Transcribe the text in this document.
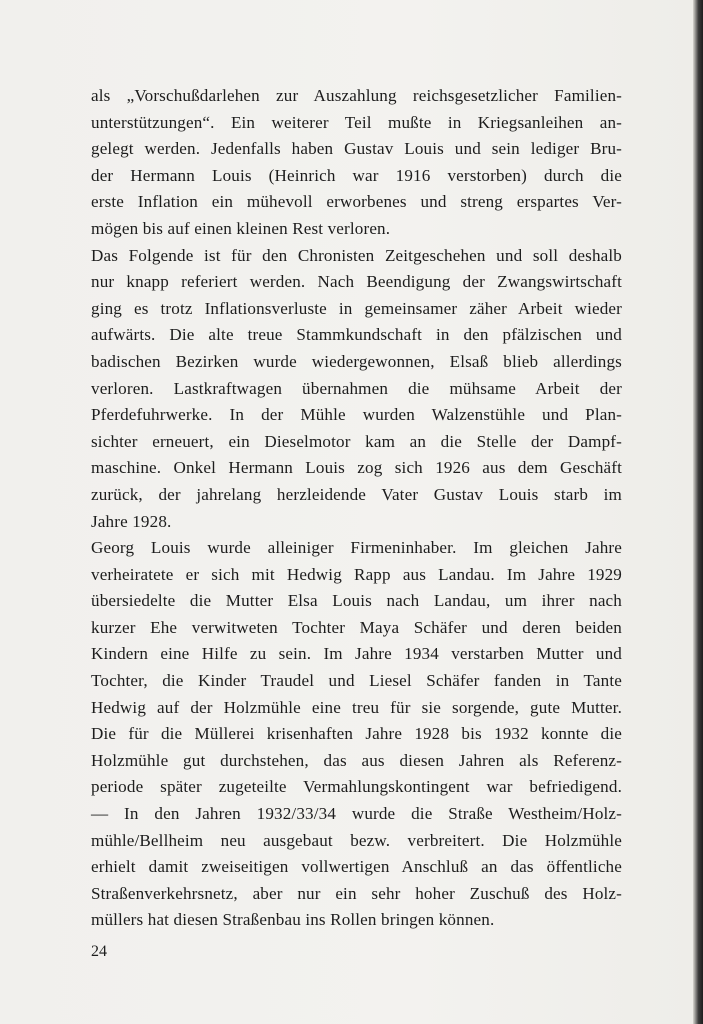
als „Vorschußdarlehen zur Auszahlung reichsgesetzlicher Familien-
unterstützungen“. Ein weiterer Teil mußte in Kriegsanleihen an-
gelegt werden. Jedenfalls haben Gustav Louis und sein lediger Bru-
der Hermann Louis (Heinrich war 1916 verstorben) durch die
erste Inflation ein mühevoll erworbenes und streng erspartes Ver-
mögen bis auf einen kleinen Rest verloren.
Das Folgende ist für den Chronisten Zeitgeschehen und soll deshalb
nur knapp referiert werden. Nach Beendigung der Zwangswirtschaft
ging es trotz Inflationsverluste in gemeinsamer zäher Arbeit wieder
aufwärts. Die alte treue Stammkundschaft in den pfälzischen und
badischen Bezirken wurde wiedergewonnen, Elsaß blieb allerdings
verloren. Lastkraftwagen übernahmen die mühsame Arbeit der
Pferdefuhrwerke. In der Mühle wurden Walzenstühle und Plan-
sichter erneuert, ein Dieselmotor kam an die Stelle der Dampf-
maschine. Onkel Hermann Louis zog sich 1926 aus dem Geschäft
zurück, der jahrelang herzleidende Vater Gustav Louis starb im
Jahre 1928.
Georg Louis wurde alleiniger Firmeninhaber. Im gleichen Jahre
verheiratete er sich mit Hedwig Rapp aus Landau. Im Jahre 1929
übersiedelte die Mutter Elsa Louis nach Landau, um ihrer nach
kurzer Ehe verwitweten Tochter Maya Schäfer und deren beiden
Kindern eine Hilfe zu sein. Im Jahre 1934 verstarben Mutter und
Tochter, die Kinder Traudel und Liesel Schäfer fanden in Tante
Hedwig auf der Holzmühle eine treu für sie sorgende, gute Mutter.
Die für die Müllerei krisenhaften Jahre 1928 bis 1932 konnte die
Holzmühle gut durchstehen, das aus diesen Jahren als Referenz-
periode später zugeteilte Vermahlungskontingent war befriedigend.
— In den Jahren 1932/33/34 wurde die Straße Westheim/Holz-
mühle/Bellheim neu ausgebaut bezw. verbreitert. Die Holzmühle
erhielt damit zweiseitigen vollwertigen Anschluß an das öffentliche
Straßenverkehrsnetz, aber nur ein sehr hoher Zuschuß des Holz-
müllers hat diesen Straßenbau ins Rollen bringen können.
24
